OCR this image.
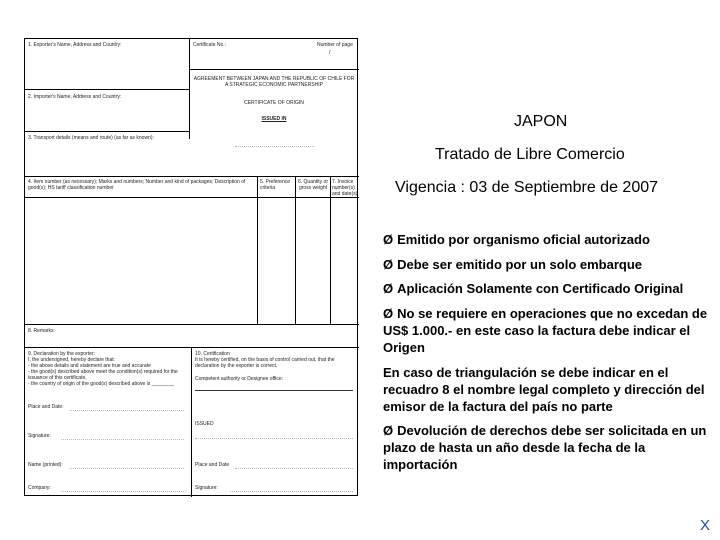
1. Exporter's Name, Address and Country:	Certificate No.:	Number of page
/
AGREEMENT BETWEEN JAPAN AND THE REPUBLIC OF CHILE FOR
A STRATEGIC ECONOMIC PARTNERSHIP
CERTIFICATE OF ORIGIN
ISSUED IN
2. Importer's Name, Address and Country:
3. Transport details (means and route) (as far as known):
4. Item number (as necessary); Marks and numbers; Number and kind of packages; Description of good(s); HS tariff classification number
5. Preference criteria
6. Quantity or gross weight
7. Invoice number(s) and date(s)
8. Remarks:
9. Declaration by the exporter:
I, the undersigned, hereby declare that:
- the above details and statement are true and accurate
- the good(s) described above meet the condition(s) required for the
issuance of this certificate,
- the country of origin of the good(s) described above is ________
10. Certification
It is hereby certified, on the basis of control carried out, that the
declaration by the exporter is correct.
Competent authority or Designee office:
Place and Date:
Signature:
Name (printed):
Company:
ISSUED
Place and Date
Signature:
JAPON
Tratado de Libre Comercio
Vigencia : 03 de Septiembre de 2007
Ø Emitido por organismo oficial autorizado
Ø Debe ser emitido por un solo embarque
Ø Aplicación Solamente con Certificado Original
Ø No se requiere en operaciones que no excedan de US$ 1.000.- en este caso la factura debe indicar el Origen
En caso de triangulación se debe indicar en el recuadro 8 el nombre legal completo y dirección del emisor de la factura del país no parte
Ø Devolución de derechos debe ser solicitada en un plazo de hasta un año desde la fecha de la importación
X
